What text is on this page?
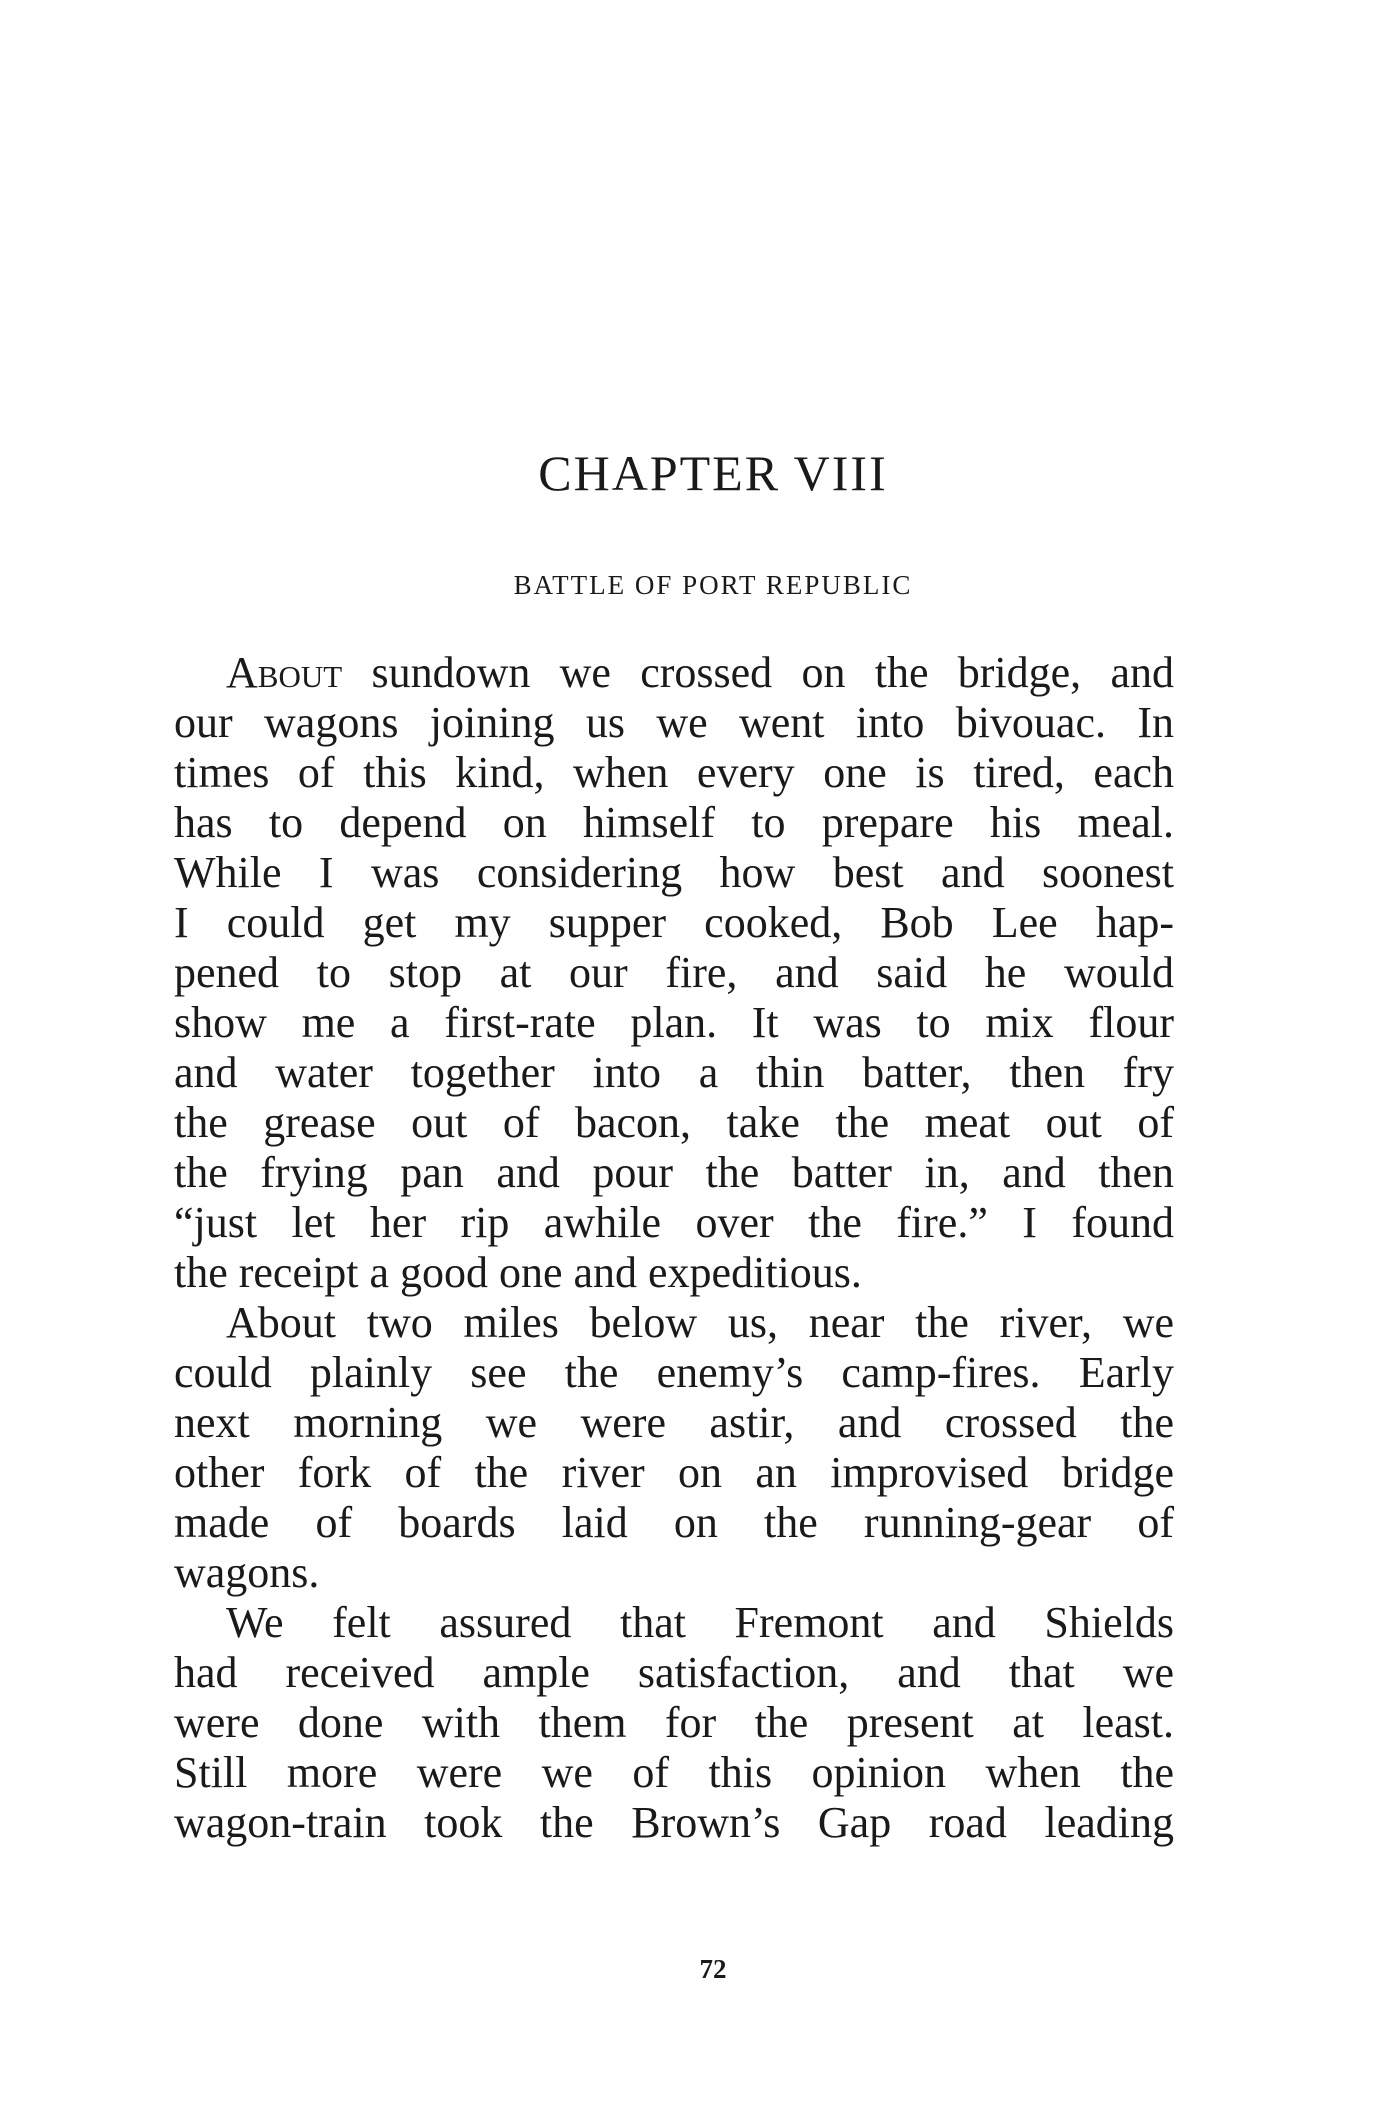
CHAPTER VIII
BATTLE OF PORT REPUBLIC
About sundown we crossed on the bridge, and
our wagons joining us we went into bivouac. In
times of this kind, when every one is tired, each
has to depend on himself to prepare his meal.
While I was considering how best and soonest
I could get my supper cooked, Bob Lee hap-
pened to stop at our fire, and said he would
show me a first-rate plan. It was to mix flour
and water together into a thin batter, then fry
the grease out of bacon, take the meat out of
the frying pan and pour the batter in, and then
“just let her rip awhile over the fire.” I found
the receipt a good one and expeditious.
About two miles below us, near the river, we
could plainly see the enemy’s camp-fires. Early
next morning we were astir, and crossed the
other fork of the river on an improvised bridge
made of boards laid on the running-gear of
wagons.
We felt assured that Fremont and Shields
had received ample satisfaction, and that we
were done with them for the present at least.
Still more were we of this opinion when the
wagon-train took the Brown’s Gap road leading
72
